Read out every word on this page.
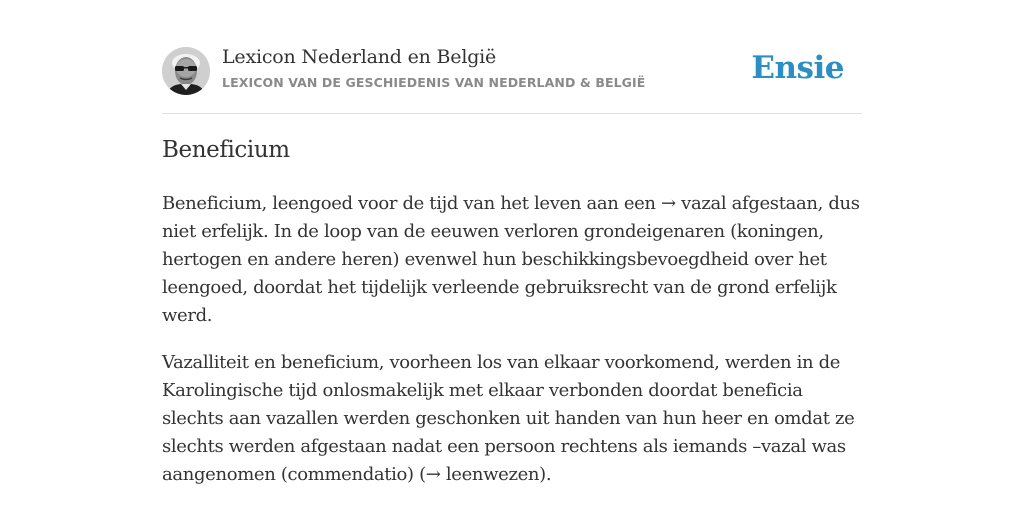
Lexicon Nederland en België
LEXICON VAN DE GESCHIEDENIS VAN NEDERLAND & BELGIË	Ensie
Beneficium

Beneficium, leengoed voor de tijd van het leven aan een → vazal afgestaan, dus niet erfelijk. In de loop van de eeuwen verloren grondeigenaren (koningen, hertogen en andere heren) evenwel hun beschikkingsbevoegdheid over het leengoed, doordat het tijdelijk verleende gebruiksrecht van de grond erfelijk werd.

Vazalliteit en beneficium, voorheen los van elkaar voorkomend, werden in de Karolingische tijd onlosmakelijk met elkaar verbonden doordat beneficia slechts aan vazallen werden geschonken uit handen van hun heer en omdat ze slechts werden afgestaan nadat een persoon rechtens als iemands –vazal was aangenomen (commendatio) (→ leenwezen).
